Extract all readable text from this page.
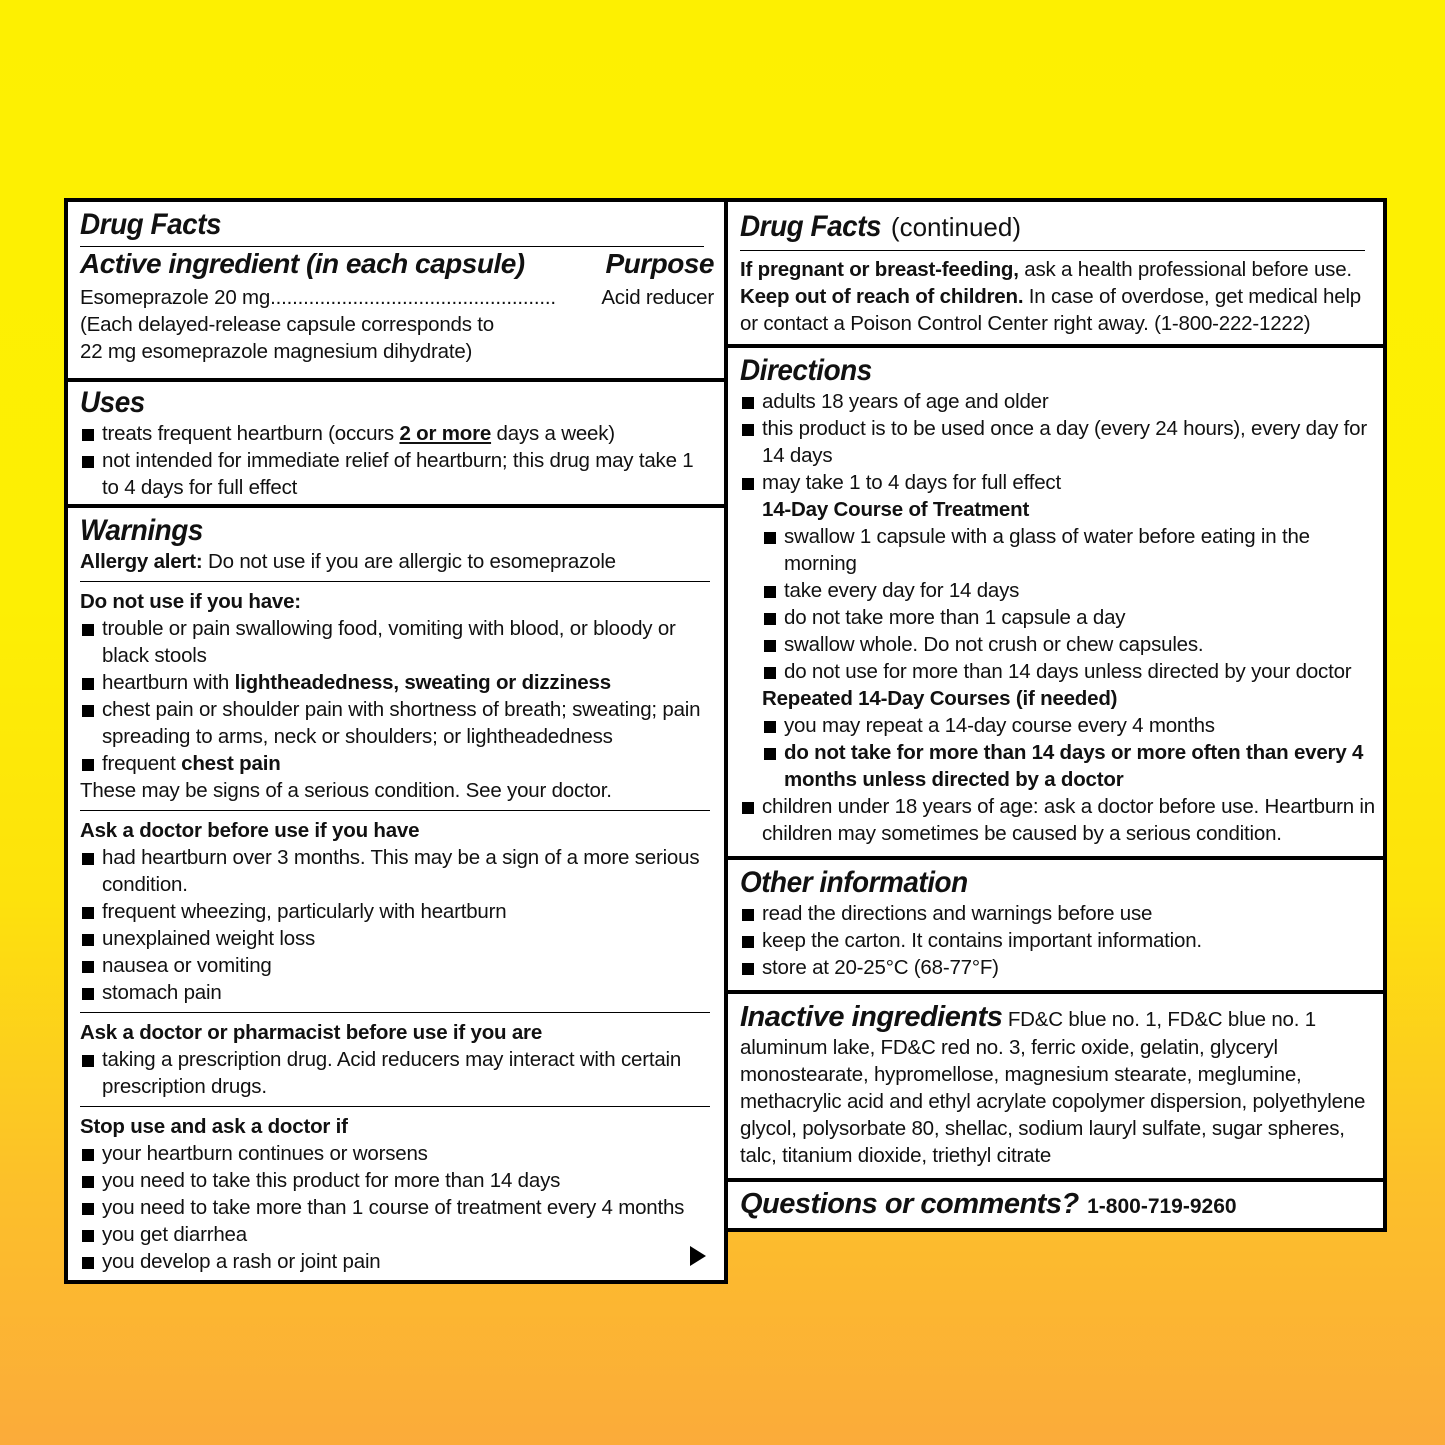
Drug Facts
Active ingredient (in each capsule)	Purpose
Esomeprazole 20 mg....................................................	Acid reducer
(Each delayed-release capsule corresponds to
22 mg esomeprazole magnesium dihydrate)
Uses
treats frequent heartburn (occurs 2 or more days a week)
not intended for immediate relief of heartburn; this drug may take 1 to 4 days for full effect
Warnings
Allergy alert: Do not use if you are allergic to esomeprazole
Do not use if you have:
trouble or pain swallowing food, vomiting with blood, or bloody or black stools
heartburn with lightheadedness, sweating or dizziness
chest pain or shoulder pain with shortness of breath; sweating; pain spreading to arms, neck or shoulders; or lightheadedness
frequent chest pain
These may be signs of a serious condition. See your doctor.
Ask a doctor before use if you have
had heartburn over 3 months. This may be a sign of a more serious condition.
frequent wheezing, particularly with heartburn
unexplained weight loss
nausea or vomiting
stomach pain
Ask a doctor or pharmacist before use if you are
taking a prescription drug. Acid reducers may interact with certain prescription drugs.
Stop use and ask a doctor if
your heartburn continues or worsens
you need to take this product for more than 14 days
you need to take more than 1 course of treatment every 4 months
you get diarrhea
you develop a rash or joint pain
Drug Facts (continued)
If pregnant or breast-feeding, ask a health professional before use.
Keep out of reach of children. In case of overdose, get medical help or contact a Poison Control Center right away. (1-800-222-1222)
Directions
adults 18 years of age and older
this product is to be used once a day (every 24 hours), every day for 14 days
may take 1 to 4 days for full effect
14-Day Course of Treatment
swallow 1 capsule with a glass of water before eating in the morning
take every day for 14 days
do not take more than 1 capsule a day
swallow whole. Do not crush or chew capsules.
do not use for more than 14 days unless directed by your doctor
Repeated 14-Day Courses (if needed)
you may repeat a 14-day course every 4 months
do not take for more than 14 days or more often than every 4 months unless directed by a doctor
children under 18 years of age: ask a doctor before use. Heartburn in children may sometimes be caused by a serious condition.
Other information
read the directions and warnings before use
keep the carton. It contains important information.
store at 20-25°C (68-77°F)
Inactive ingredients FD&C blue no. 1, FD&C blue no. 1 aluminum lake, FD&C red no. 3, ferric oxide, gelatin, glyceryl monostearate, hypromellose, magnesium stearate, meglumine, methacrylic acid and ethyl acrylate copolymer dispersion, polyethylene glycol, polysorbate 80, shellac, sodium lauryl sulfate, sugar spheres, talc, titanium dioxide, triethyl citrate
Questions or comments? 1-800-719-9260
